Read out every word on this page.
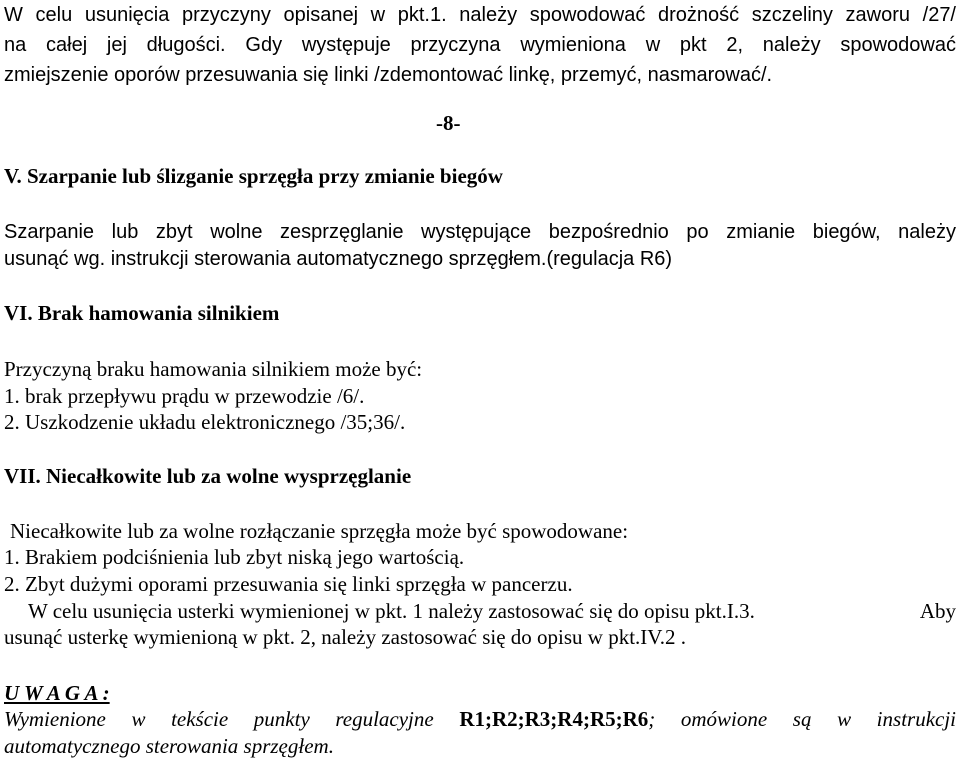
W celu usunięcia przyczyny opisanej w pkt.1. należy spowodować drożność szczeliny zaworu /27/
na całej jej długości. Gdy występuje przyczyna wymieniona w pkt 2, należy spowodować
zmiejszenie oporów przesuwania się linki /zdemontować linkę, przemyć, nasmarować/.
-8-
V. Szarpanie lub ślizganie sprzęgła przy zmianie biegów
Szarpanie lub zbyt wolne zesprzęglanie występujące bezpośrednio po zmianie biegów, należy
usunąć wg. instrukcji sterowania automatycznego sprzęgłem.(regulacja R6)
VI. Brak hamowania silnikiem
Przyczyną braku hamowania silnikiem może być:
1. brak przepływu prądu w przewodzie /6/.
2. Uszkodzenie układu elektronicznego /35;36/.
VII. Niecałkowite lub za wolne wysprzęglanie
Niecałkowite lub za wolne rozłączanie sprzęgła może być spowodowane:
1. Brakiem podciśnienia lub zbyt niską jego wartością.
2. Zbyt dużymi oporami przesuwania się linki sprzęgła w pancerzu.
W celu usunięcia usterki wymienionej w pkt. 1 należy zastosować się do opisu pkt.I.3.	Aby
usunąć usterkę wymienioną w pkt. 2, należy zastosować się do opisu w pkt.IV.2 .
U W A G A :
Wymienione w tekście punkty regulacyjne R1;R2;R3;R4;R5;R6; omówione są w instrukcji
automatycznego sterowania sprzęgłem.
